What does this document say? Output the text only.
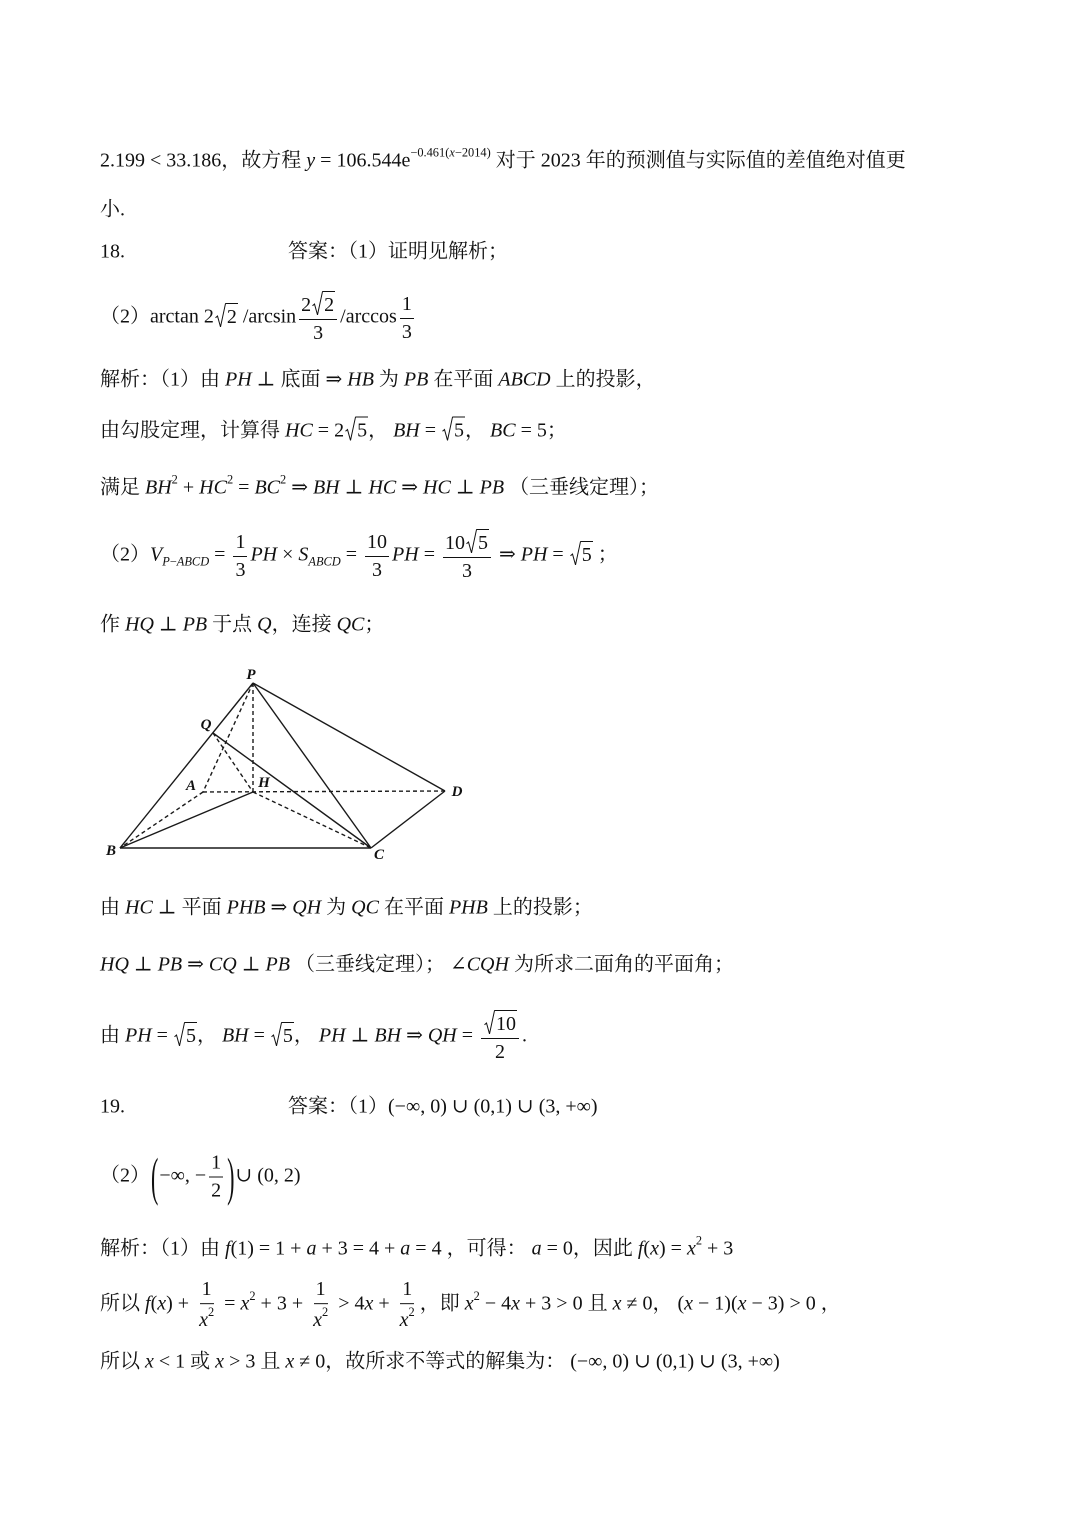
2.199 < 33.186，故方程 $y = 106.544e^{-0.461(x-2014)}$ 对于 2023 年的预测值与实际值的差值绝对值更
小.
18.	答案：（1）证明见解析；
（2）arctan 2 2 $/\arcsin \frac{2 2}{3} /\arccos \frac{1}{3}$
解析：（1）由 PH ⊥ 底面 ⇒ HB 为 PB 在平面 ABCD 上的投影，
由勾股定理，计算得 HC = 2 5， BH =
5， BC = 5；
满足 $BH^2 + HC^2 = BC^2$ ⇒ BH ⊥ HC ⇒ HC ⊥ PB （三垂线定理）；
$(2)V_{P-ABCD} = \frac{1}{3}$ PH × $S_{ABCD} = \frac{10}{3}$ PH = $\frac{10 5}{3}$ ⇒ PH =
5 ；
作 HQ ⊥ PB 于点 Q，连接 QC；
P
Q
A	H
D
B	C
由 HC ⊥ 平面 PHB ⇒ QH 为 QC 在平面 PHB 上的投影；
HQ ⊥ PB ⇒ CQ ⊥ PB （三垂线定理）； ∠CQH 为所求二面角的平面角；
由 PH =
5， BH =
5， PH ⊥ BH ⇒ QH = $\frac{10}{2}$ .
19.	答案：（1）(−∞, 0) ∪ (0,1) ∪ (3, +∞)
（2）(−∞, − $\frac{1}{2}$ )∪ (0, 2)
解析：（1）由 f(1) = 1 + a + 3 = 4 + a = 4 ，可得： a = 0，因此 $f(x) = x^2 + 3$
所以 $f(x) + \frac{1}{x^2} = x^2 + 3 + \frac{1}{x^2} > 4x + \frac{1}{x^2}$ ，即 $x^2 - 4x + 3 > 0$ 且 x ≠ 0， (x − 1)(x − 3) > 0 ，
所以 x < 1 或 x > 3 且 x ≠ 0，故所求不等式的解集为： (−∞, 0) ∪ (0,1) ∪ (3, +∞)
